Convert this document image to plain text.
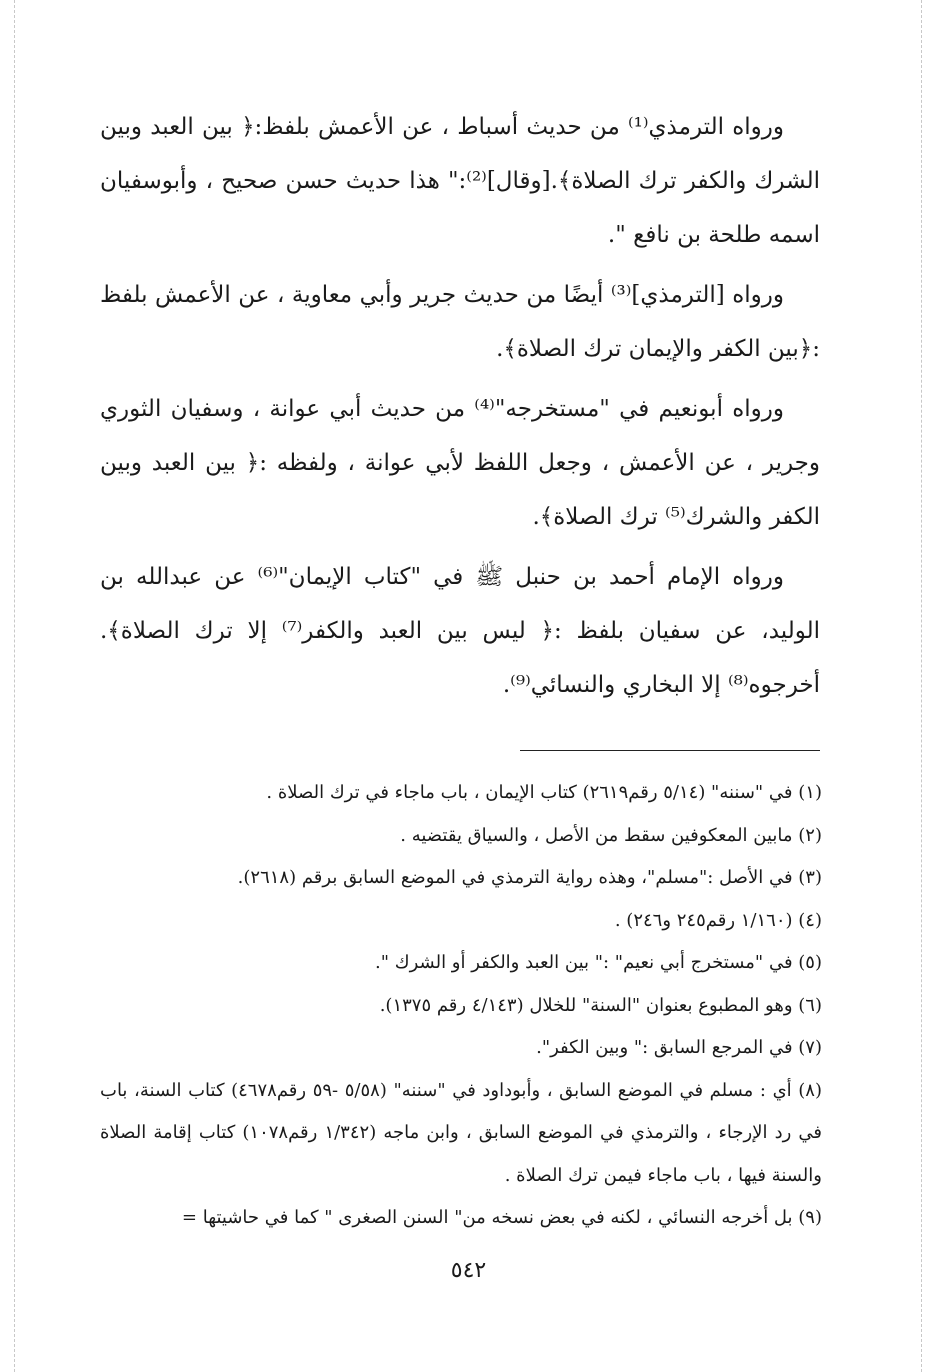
ورواه الترمذي⁽¹⁾ من حديث أسباط ، عن الأعمش بلفظ:﴿ بين العبد وبين الشرك والكفر ترك الصلاة﴾.[وقال]⁽²⁾:" هذا حديث حسن صحيح ، وأبوسفيان اسمه طلحة بن نافع ".

ورواه [الترمذي]⁽³⁾ أيضًا من حديث جرير وأبي معاوية ، عن الأعمش بلفظ :﴿بين الكفر والإيمان ترك الصلاة﴾.

ورواه أبونعيم في "مستخرجه"⁽⁴⁾ من حديث أبي عوانة ، وسفيان الثوري وجرير ، عن الأعمش ، وجعل اللفظ لأبي عوانة ، ولفظه :﴿ بين العبد وبين الكفر والشرك⁽⁵⁾ ترك الصلاة﴾.

ورواه الإمام أحمد بن حنبل ﷺ في "كتاب الإيمان"⁽⁶⁾ عن عبدالله بن الوليد، عن سفيان بلفظ :﴿ ليس بين العبد والكفر⁽⁷⁾ إلا ترك الصلاة﴾. أخرجوه⁽⁸⁾ إلا البخاري والنسائي⁽⁹⁾.

(١) في "سننه" (٥/١٤ رقم٢٦١٩) كتاب الإيمان ، باب ماجاء في ترك الصلاة .

(٢) مابين المعكوفين سقط من الأصل ، والسياق يقتضيه .

(٣) في الأصل :"مسلم"، وهذه رواية الترمذي في الموضع السابق برقم (٢٦١٨).

(٤) (١/١٦٠ رقم٢٤٥ و٢٤٦) .

(٥) في "مستخرج أبي نعيم" :" بين العبد والكفر أو الشرك ".

(٦) وهو المطبوع بعنوان "السنة" للخلال (٤/١٤٣ رقم ١٣٧٥).

(٧) في المرجع السابق :" وبين الكفر".

(٨) أي : مسلم في الموضع السابق ، وأبوداود في "سننه" (٥/٥٨ -٥٩ رقم٤٦٧٨) كتاب السنة، باب في رد الإرجاء ، والترمذي في الموضع السابق ، وابن ماجه (١/٣٤٢ رقم١٠٧٨) كتاب إقامة الصلاة والسنة فيها ، باب ماجاء فيمن ترك الصلاة .

(٩) بل أخرجه النسائي ، لكنه في بعض نسخه من" السنن الصغرى " كما في حاشيتها =

٥٤٢
